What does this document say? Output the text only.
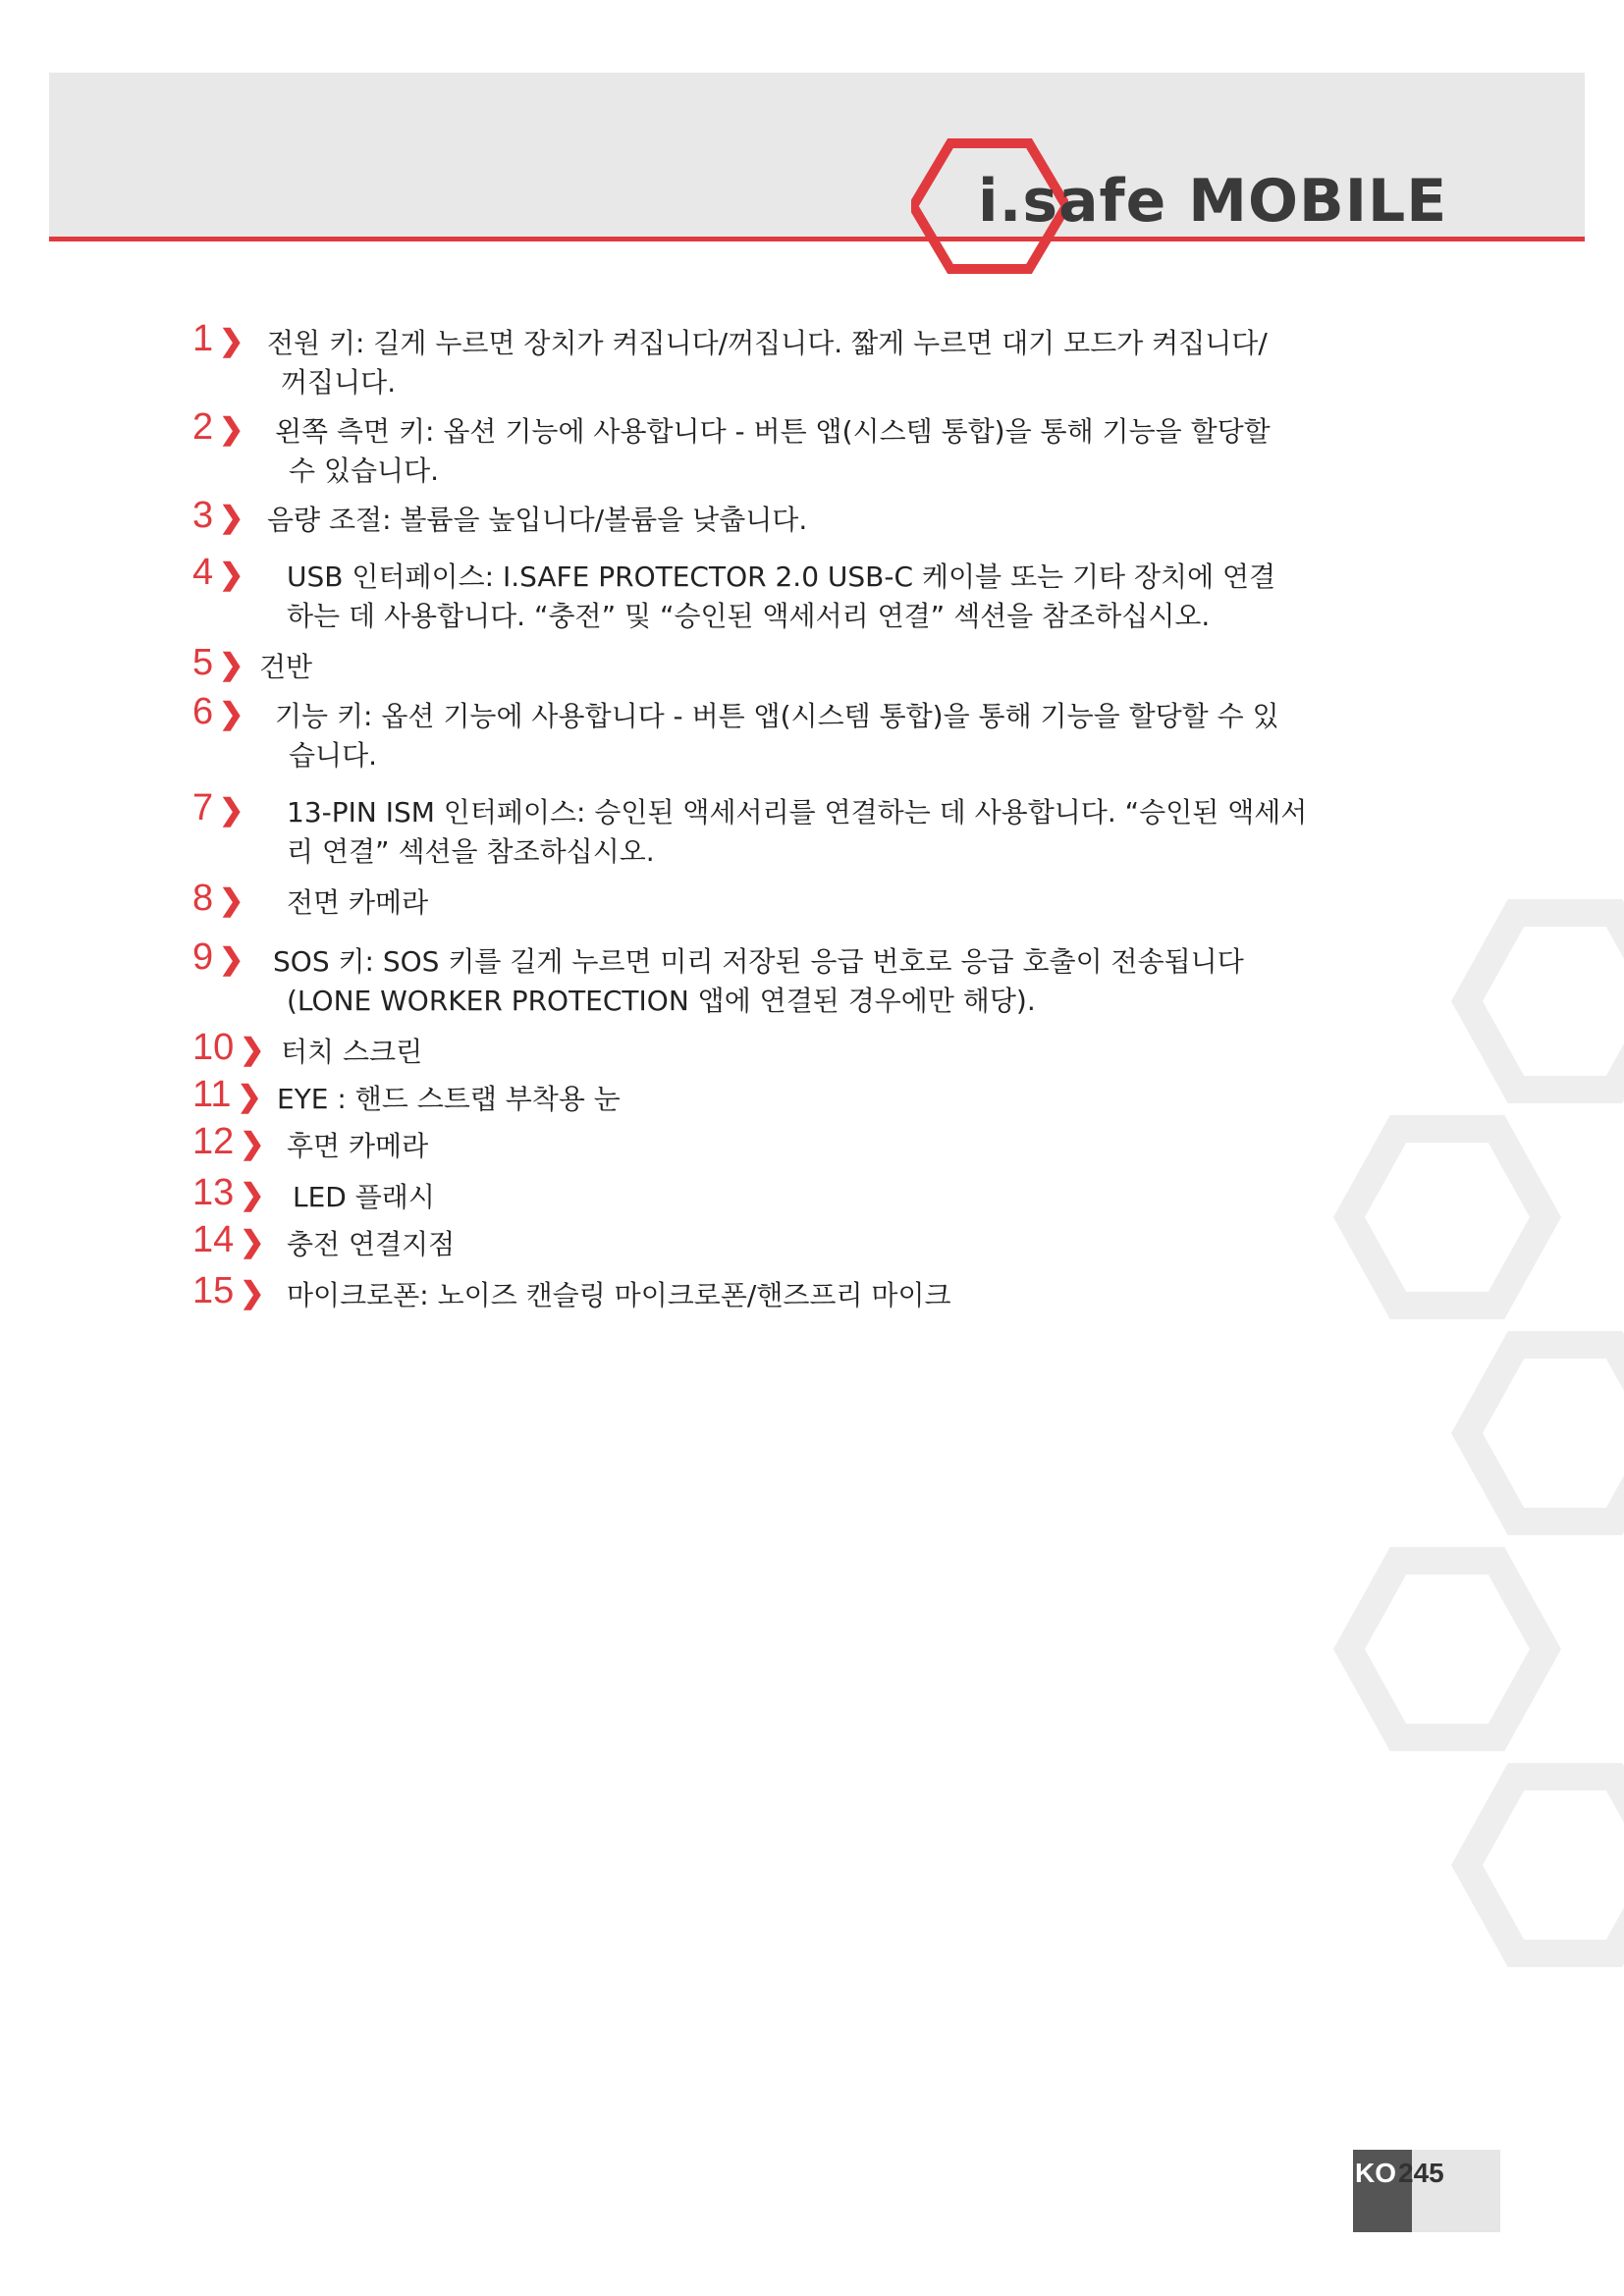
i.safe MOBILE
1 ❯ 전원 키: 길게 누르면 장치가 켜집니다/꺼집니다. 짧게 누르면 대기 모드가 켜집니다/
꺼집니다.
2 ❯ 왼쪽 측면 키: 옵션 기능에 사용합니다 - 버튼 앱(시스템 통합)을 통해 기능을 할당할
수 있습니다.
3 ❯ 음량 조절: 볼륨을 높입니다/볼륨을 낮춥니다.
4 ❯ USB 인터페이스: I.SAFE PROTECTOR 2.0 USB-C 케이블 또는 기타 장치에 연결
하는 데 사용합니다. “충전” 및 “승인된 액세서리 연결” 섹션을 참조하십시오.
5 ❯ 건반
6 ❯ 기능 키: 옵션 기능에 사용합니다 - 버튼 앱(시스템 통합)을 통해 기능을 할당할 수 있
습니다.
7 ❯ 13-PIN ISM 인터페이스: 승인된 액세서리를 연결하는 데 사용합니다. “승인된 액세서
리 연결” 섹션을 참조하십시오.
8 ❯ 전면 카메라
9 ❯ SOS 키: SOS 키를 길게 누르면 미리 저장된 응급 번호로 응급 호출이 전송됩니다
(LONE WORKER PROTECTION 앱에 연결된 경우에만 해당).
10 ❯ 터치 스크린
11 ❯ EYE : 핸드 스트랩 부착용 눈
12 ❯ 후면 카메라
13 ❯ LED 플래시
14 ❯ 충전 연결지점
15 ❯ 마이크로폰: 노이즈 캔슬링 마이크로폰/핸즈프리 마이크
KO 245
